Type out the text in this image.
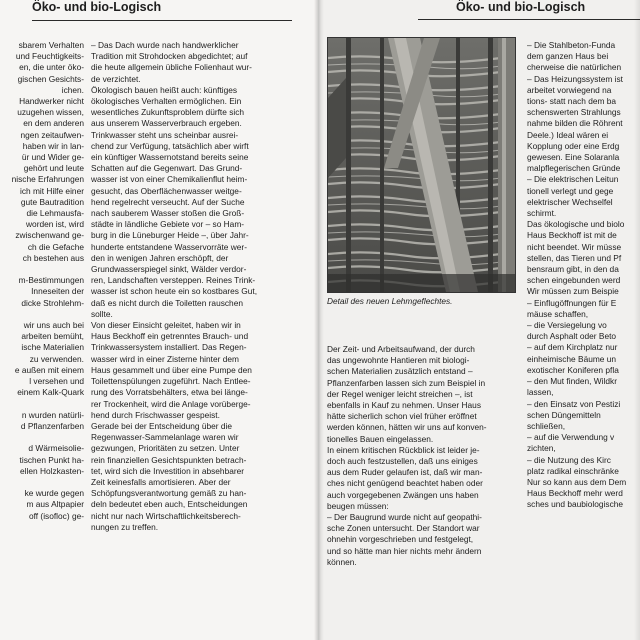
Öko- und bio-Logisch

sbarem Verhalten

und Feuchtigkeits-

en, die unter öko-

gischen Gesichts-

ichen.

Handwerker nicht

uzugehen wissen,

en dem anderen

ngen zeitaufwen-

haben wir in lan-

ür und Wider ge-

gehört und leute

nische Erfahrungen

ich mit Hilfe einer

gute Bautradition

die Lehmausfa-

worden ist, wird

zwischenwand ge-

ch die Gefache

ch bestehen aus

m-Bestimmungen

Inneseiten der

dicke Strohlehm-

wir uns auch bei

arbeiten bemüht,

ische Materialien

zu verwenden.

e außen mit einem

l versehen und

einem Kalk-Quark

n wurden natürli-

d Pflanzenfarben

d Wärmeisolie-

tischen Punkt ha-

ellen Holzkasten-

ke wurde gegen

m aus Altpapier

off (isofloc) ge-

– Das Dach wurde nach handwerklicher

Tradition mit Strohdocken abgedichtet; auf

die heute allgemein übliche Folienhaut wur-

de verzichtet.

Ökologisch bauen heißt auch: künftiges

ökologisches Verhalten ermöglichen. Ein

wesentliches Zukunftsproblem dürfte sich

aus unserem Wasserverbrauch ergeben.

Trinkwasser steht uns scheinbar ausrei-

chend zur Verfügung, tatsächlich aber wirft

ein künftiger Wassernotstand bereits seine

Schatten auf die Gegenwart. Das Grund-

wasser ist von einer Chemikalienflut heim-

gesucht, das Oberflächenwasser weitge-

hend regelrecht verseucht. Auf der Suche

nach sauberem Wasser stoßen die Groß-

städte in ländliche Gebiete vor – so Ham-

burg in die Lüneburger Heide –, über Jahr-

hunderte entstandene Wasservorräte wer-

den in wenigen Jahren erschöpft, der

Grundwasserspiegel sinkt, Wälder verdor-

ren, Landschaften versteppen. Reines Trink-

wasser ist schon heute ein so kostbares Gut,

daß es nicht durch die Toiletten rauschen

sollte.

Von dieser Einsicht geleitet, haben wir in

Haus Beckhoff ein getrenntes Brauch- und

Trinkwassersystem installiert. Das Regen-

wasser wird in einer Zisterne hinter dem

Haus gesammelt und über eine Pumpe den

Toilettenspülungen zugeführt. Nach Entlee-

rung des Vorratsbehälters, etwa bei länge-

rer Trockenheit, wird die Anlage vorüberge-

hend durch Frischwasser gespeist.

Gerade bei der Entscheidung über die

Regenwasser-Sammelanlage waren wir

gezwungen, Prioritäten zu setzen. Unter

rein finanziellen Gesichtspunkten betrach-

tet, wird sich die Investition in absehbarer

Zeit keinesfalls amortisieren. Aber der

Schöpfungsverantwortung gemäß zu han-

deln bedeutet eben auch, Entscheidungen

nicht nur nach Wirtschaftlichkeitsberech-

nungen zu treffen.

Öko- und bio-Logisch
Detail des neuen Lehmgeflechtes.

Der Zeit- und Arbeitsaufwand, der durch

das ungewohnte Hantieren mit biologi-

schen Materialien zusätzlich entstand –

Pflanzenfarben lassen sich zum Beispiel in

der Regel weniger leicht streichen –, ist

ebenfalls in Kauf zu nehmen. Unser Haus

hätte sicherlich schon viel früher eröffnet

werden können, hätten wir uns auf konven-

tionelles Bauen eingelassen.

In einem kritischen Rückblick ist leider je-

doch auch festzustellen, daß uns einiges

aus dem Ruder gelaufen ist, daß wir man-

ches nicht genügend beachtet haben oder

auch vorgegebenen Zwängen uns haben

beugen müssen:

– Der Baugrund wurde nicht auf geopathi-

sche Zonen untersucht. Der Standort war

ohnehin vorgeschrieben und festgelegt,

und so hätte man hier nichts mehr ändern

können.

– Die Stahlbeton-Funda

dem ganzen Haus bei

cherweise die natürlichen

– Das Heizungssystem ist

arbeitet vorwiegend na

tions- statt nach dem ba

schenswerten Strahlungs

nahme bilden die Röhrent

Deele.) Ideal wären ei

Kopplung oder eine Erdg

gewesen. Eine Solaranla

malpflegerischen Gründe

– Die elektrischen Leitun

tionell verlegt und gege

elektrischer Wechselfel

schirmt.

Das ökologische und biolo

Haus Beckhoff ist mit de

nicht beendet. Wir müsse

stellen, das Tieren und Pf

bensraum gibt, in den da

schen eingebunden werd

Wir müssen zum Beispie

– Einflugöffnungen für E

mäuse schaffen,

– die Versiegelung vo

durch Asphalt oder Beto

– auf dem Kirchplatz nur

einheimische Bäume un

exotischer Koniferen pfla

– den Mut finden, Wildkr

lassen,

– den Einsatz von Pestizi

schen Düngemitteln

schließen,

– auf die Verwendung v

zichten,

– die Nutzung des Kirc

platz radikal einschränke

Nur so kann aus dem Dem

Haus Beckhoff mehr werd

sches und baubiologische
